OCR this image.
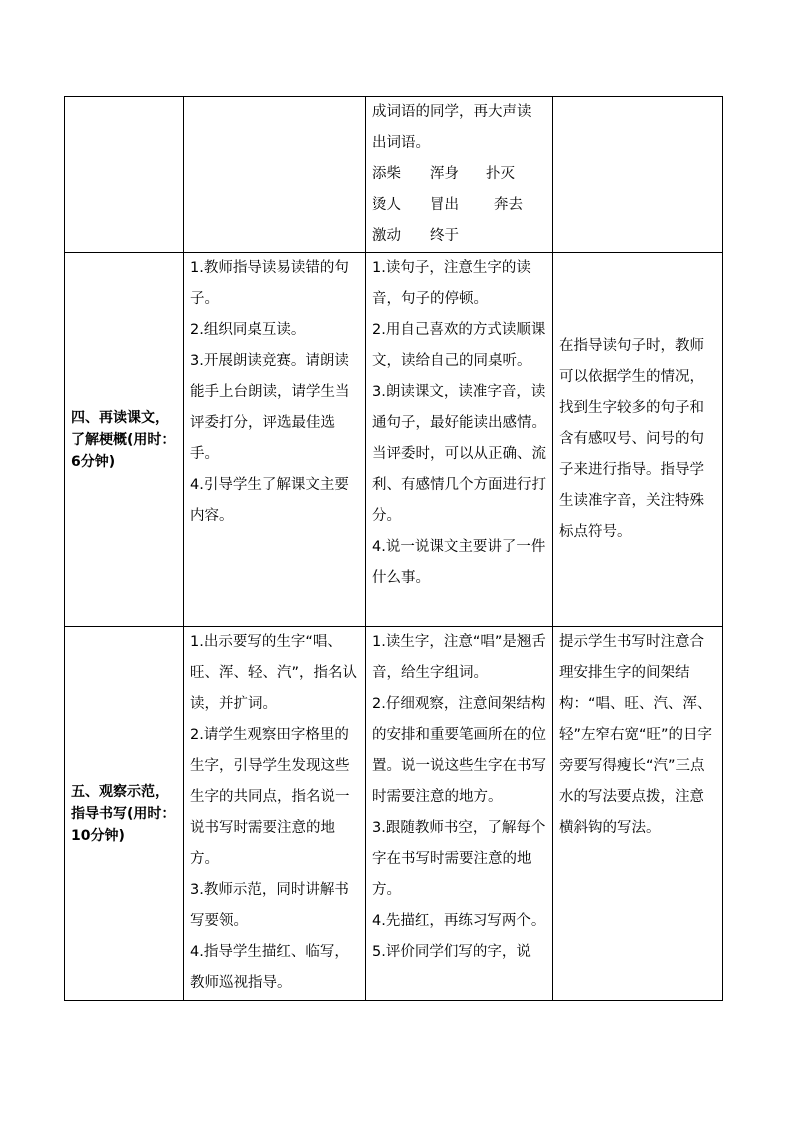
		成词语的同学，再大声读
出词语。
添柴 浑身 扑灭
烫人 冒出 奔去
激动 终于	

四、再读课文，了解梗概(用时：6分钟)	1.教师指导读易读错的句子。
2.组织同桌互读。
3.开展朗读竞赛。请朗读能手上台朗读，请学生当评委打分，评选最佳选手。
4.引导学生了解课文主要内容。	1.读句子，注意生字的读音，句子的停顿。
2.用自己喜欢的方式读顺课文，读给自己的同桌听。
3.朗读课文，读准字音，读通句子，最好能读出感情。当评委时，可以从正确、流利、有感情几个方面进行打分。
4.说一说课文主要讲了一件什么事。	在指导读句子时，教师可以依据学生的情况，找到生字较多的句子和含有感叹号、问号的句子来进行指导。指导学生读准字音，关注特殊标点符号。
五、观察示范，指导书写(用时：10分钟)	1.出示要写的生字“唱、旺、浑、轻、汽”，指名认读，并扩词。
2.请学生观察田字格里的生字，引导学生发现这些生字的共同点，指名说一说书写时需要注意的地方。
3.教师示范，同时讲解书写要领。
4.指导学生描红、临写，教师巡视指导。	1.读生字，注意“唱”是翘舌音，给生字组词。
2.仔细观察，注意间架结构的安排和重要笔画所在的位置。说一说这些生字在书写时需要注意的地方。
3.跟随教师书空，了解每个字在书写时需要注意的地方。
4.先描红，再练习写两个。
5.评价同学们写的字，说	提示学生书写时注意合理安排生字的间架结构：“唱、旺、汽、浑、轻”左窄右宽“旺”的日字旁要写得瘦长“汽”三点水的写法要点拨，注意横斜钩的写法。
